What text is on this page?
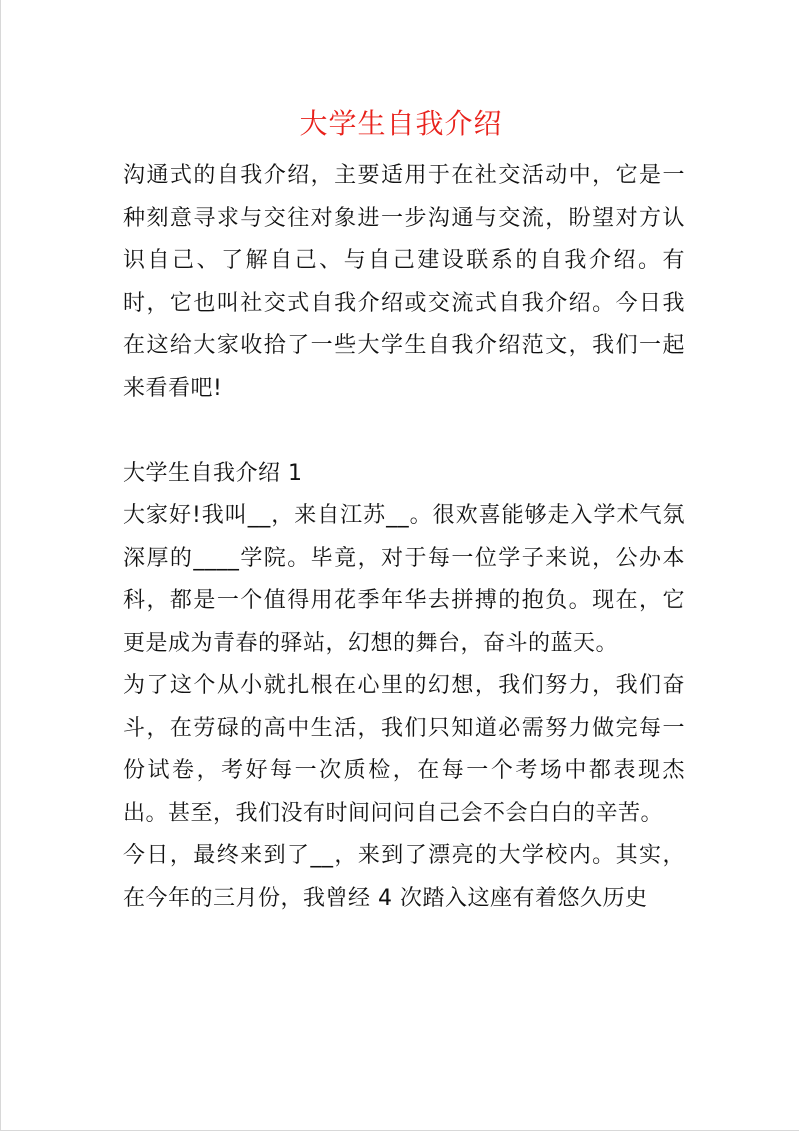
大学生自我介绍

沟通式的自我介绍，主要适用于在社交活动中，它是一种刻意寻求与交往对象进一步沟通与交流，盼望对方认识自己、了解自己、与自己建设联系的自我介绍。有时，它也叫社交式自我介绍或交流式自我介绍。今日我在这给大家收拾了一些大学生自我介绍范文，我们一起来看看吧!

大学生自我介绍 1

大家好!我叫__，来自江苏__。很欢喜能够走入学术气氛深厚的____学院。毕竟，对于每一位学子来说，公办本科，都是一个值得用花季年华去拼搏的抱负。现在，它更是成为青春的驿站，幻想的舞台，奋斗的蓝天。

为了这个从小就扎根在心里的幻想，我们努力，我们奋斗，在劳碌的高中生活，我们只知道必需努力做完每一份试卷，考好每一次质检，在每一个考场中都表现杰出。甚至，我们没有时间问问自己会不会白白的辛苦。

今日，最终来到了__，来到了漂亮的大学校内。其实，在今年的三月份，我曾经 4 次踏入这座有着悠久历史
